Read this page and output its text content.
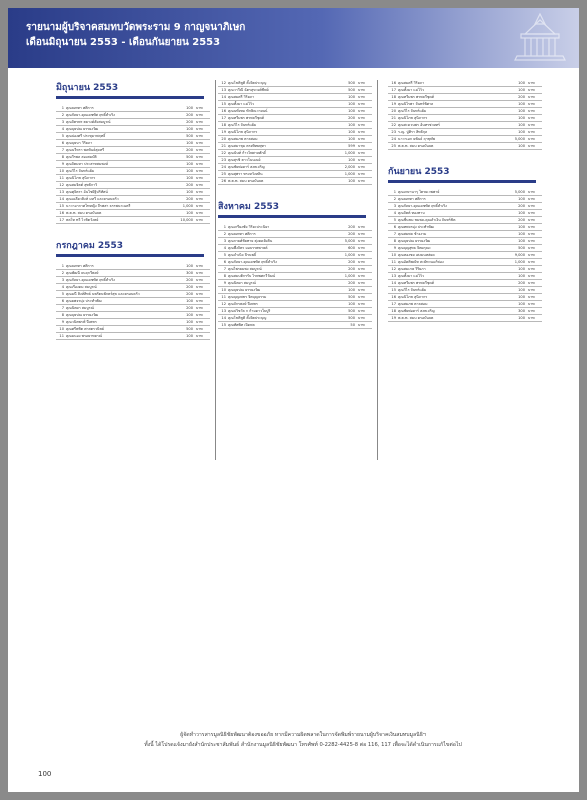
รายนามผู้บริจาคสมทบวัดพระราม 9 กาญจนาภิเษก
เดือนมิถุนายน 2553 - เดือนกันยายน 2553
มิถุนายน 2553
1 คุณณหทา ศศิการ	100 บาท
2 คุณกัลยา-คุณเดชทัศ ฤทธิ์สำเริง	200 บาท
3 คุณจิตรพร ตยางค์ลัยสมบูรณ์	200 บาท
4 คุณบุษปณ ยรรยงวัฒ	100 บาท
5 คุณปองศรี ประทุมาพฤทธิ์	500 บาท
6 คุณบุษบา วิริยภา	100 บาท
7 คุณนวีหรา พลพันธ์สุดหรี	200 บาท
8 คุณวีรพล สองสมบัติ	500 บาท
9 คุณจิตมหา ประสาทสมพงษ์	100 บาท
10 คุณวิไร จันทร์แย้ม	100 บาท
11 คุณนิโภช สุนิภากร	100 บาท
12 คุณสมจิตต์ สุทธิกาวิ	200 บาท
13 คุณศุจิตรา อ้นไชยิฐิปริทัศน์	100 บาท
14 คุณเฉลียวสิงห์ มหวี และครอบครัว	200 บาท
15 นาวาอากาศโทหญิง จีรพสา ธรรพนาเนตรี	1,000 บาท
16 พ.ต.ท. สมบ ครอบันธต	100 บาท
17 พลโท ทวี ไวชิตวังหย์	10,000 บาท
กรกฎาคม 2553
1 คุณณหทา ศศิการ	100 บาท
2 คุณพัฒนี ธนฤกวีพงษ์	300 บาท
3 คุณกัลยา-คุณเดชทัศ ฤทธิ์สำเริง	200 บาท
4 คุณเรืองดม สมบูรณ์	200 บาท
5 คุณมนึ สิงห์สิทธ์ นพรัตนพักตร์สุข และครอบครัว	200 บาท
6 คุณยพจรมุ่ง ประทำพัฒ	100 บาท
7 คุณนิตยา สมบูรณ์	200 บาท
8 คุณบุษปณ ยรรยงวัฒ	100 บาท
9 คุณวนิตพรฟ์ ปีเพชร	100 บาท
10 คุณศรีพชิต ศาสตรวนิชย์	500 บาท
11 คุณมนอง พรอยาทยาณ์	100 บาท
12 คุณโชติชูติ ตั้งจิตประบุญ	500 บาท
13 คุณวาวีณี ฉัตรสุขวงศ์ชีพย์	500 บาท
14 คุณสมศรี วิริยภา	100 บาท
15 คุณทั้งมา แม่ไว้ว	100 บาท
16 คุณนทั่งทม ทักษิณวายนน์	100 บาท
17 คุณทวีมพร พรพลวีชุดศ์	200 บาท
18 คุณวิไร จันทร์แย้ม	100 บาท
19 คุณนิโภช สุนิภากร	100 บาท
20 คุณสมภพ ตาลสอม	100 บาท
21 คุณสมาชุม ตรงพิทยพุทา	599 บาท
22 คุณนันท์ ก้าวไพศาลศักดิ์	1,000 บาท
23 คุณสุรชิ ตาวโนนเนย์	100 บาท
24 คุณชัยพ่อฮาร์ สงหเจริญ	2,000 บาท
25 คุณสุพรา ทรงหวังหลิน	1,000 บาท
26 พ.ต.ท. สมบ ครอบันธต	100 บาท
สิงหาคม 2553
1 คุณเกรียงชัย วิริยะประนิยา	200 บาท
2 คุณณหทา ศศิการ	200 บาท
3 คุณกายศ์ชัยทาย ตุ่งคดจัยสิน	5,000 บาท
4 คุณพึ่งจิตร มอบรรพพาษค์	600 บาท
5 คุณจำเนิจ ปิรนพธิ์	1,000 บาท
6 คุณกัลยา-คุณเดชทัศ ฤทธิ์สำเริง	200 บาท
7 คุณไพรยมพง สมบูรณ์	200 บาท
8 คุณสมบติกรรับ ไรพพศกวีวัฒน์	1,000 บาท
9 คุณนิตยา สมบูรณ์	200 บาท
10 คุณบุษปณ ยรรยงวัฒ	100 บาท
11 คุณบุญเพชร จิตบุญธรรม	500 บาท
12 คุณจักรพงษ์ ปีเพชร	100 บาท
13 คุณปวิชวัล ก ก้ามดาวใบปูริ	500 บาท
14 คุณโชติชูติ ตั้งจิตประบุญ	500 บาท
15 คุณทัศพิท เปิดพล	50 บาท
16 คุณสมศรี วิริยภา	100 บาท
17 คุณทั้งมา แม่ไว้ว	100 บาท
18 คุณทวีมพร พรพลวีชุดศ์	200 บาท
19 คุณนิไรพา จันทร์พิศาล	100 บาท
20 คุณวิไร จันทร์แย้ม	100 บาท
21 คุณนิโภช สุนิภากร	100 บาท
22 คุณสะดวนพร อ้นทรช่วยทร์	100 บาท
23 ร.ญ. ปู่ศิรา สิทธิกุล	100 บาท
24 นาวาเอก ยพันธ์ ฤาชุฬพ	5,000 บาท
25 พ.ต.ท. สมบ ครอบันธต	100 บาท
กันยายน 2553
1 คุณเกษานารุ ไตรยเวพพาย์	5,000 บาท
2 คุณณหทา ศศิการ	100 บาท
3 คุณกัลยา-คุณเดชทัศ ฤทธิ์สำเริง	200 บาท
4 คุณจิตต์ ทองทาบ	100 บาท
5 คุณชื่นชม ชมพล-คุณลำเงิน จันทร์ชิต	200 บาท
6 คุณทพจรมุ่ง ประทำพัฒ	100 บาท
7 คุณสมพล ช้างงาม	100 บาท
8 คุณบุษปณ ยรรยงวัฒ	100 บาท
9 คุณบุญสุทธ จิตยกุณะ	500 บาท
10 คุณหองชย เสงมนหล่ยด	9,000 บาท
11 คุณอัคติพณัท สะยัทวนแก้ข่อง	1,000 บาท
12 คุณสมเกษ วิริยภา	100 บาท
13 คุณทั้งมา แม่ไว้ว	100 บาท
14 คุณทวีมพร พรพลวีชุดศ์	200 บาท
15 คุณวิไร จันทร์แย้ม	100 บาท
16 คุณนิโภช สุนิภากร	100 บาท
17 คุณสมภพ ตาลสอม	100 บาท
18 คุณชัยพ่อฮาร์ สงหเจริญ	300 บาท
19 พ.ต.ท. สมบ ครอบันธต	100 บาท
ผู้จัดทำวารสารมูลนิธิชัยพัฒนาต้องขออภัย หากมีความผิดพลาดในการจัดพิมพ์รายนามผู้บริจาคเงินสมทบมูลนิธิฯ
ทั้งนี้ ได้โปรดแจ้งมายังสำนักประชาสัมพันธ์ สำนักงานมูลนิธิชัยพัฒนา โทรศัพท์ 0-2282-4425-8 ต่อ 116, 117 เพื่อจะได้ดำเนินการแก้ไขต่อไป
100
